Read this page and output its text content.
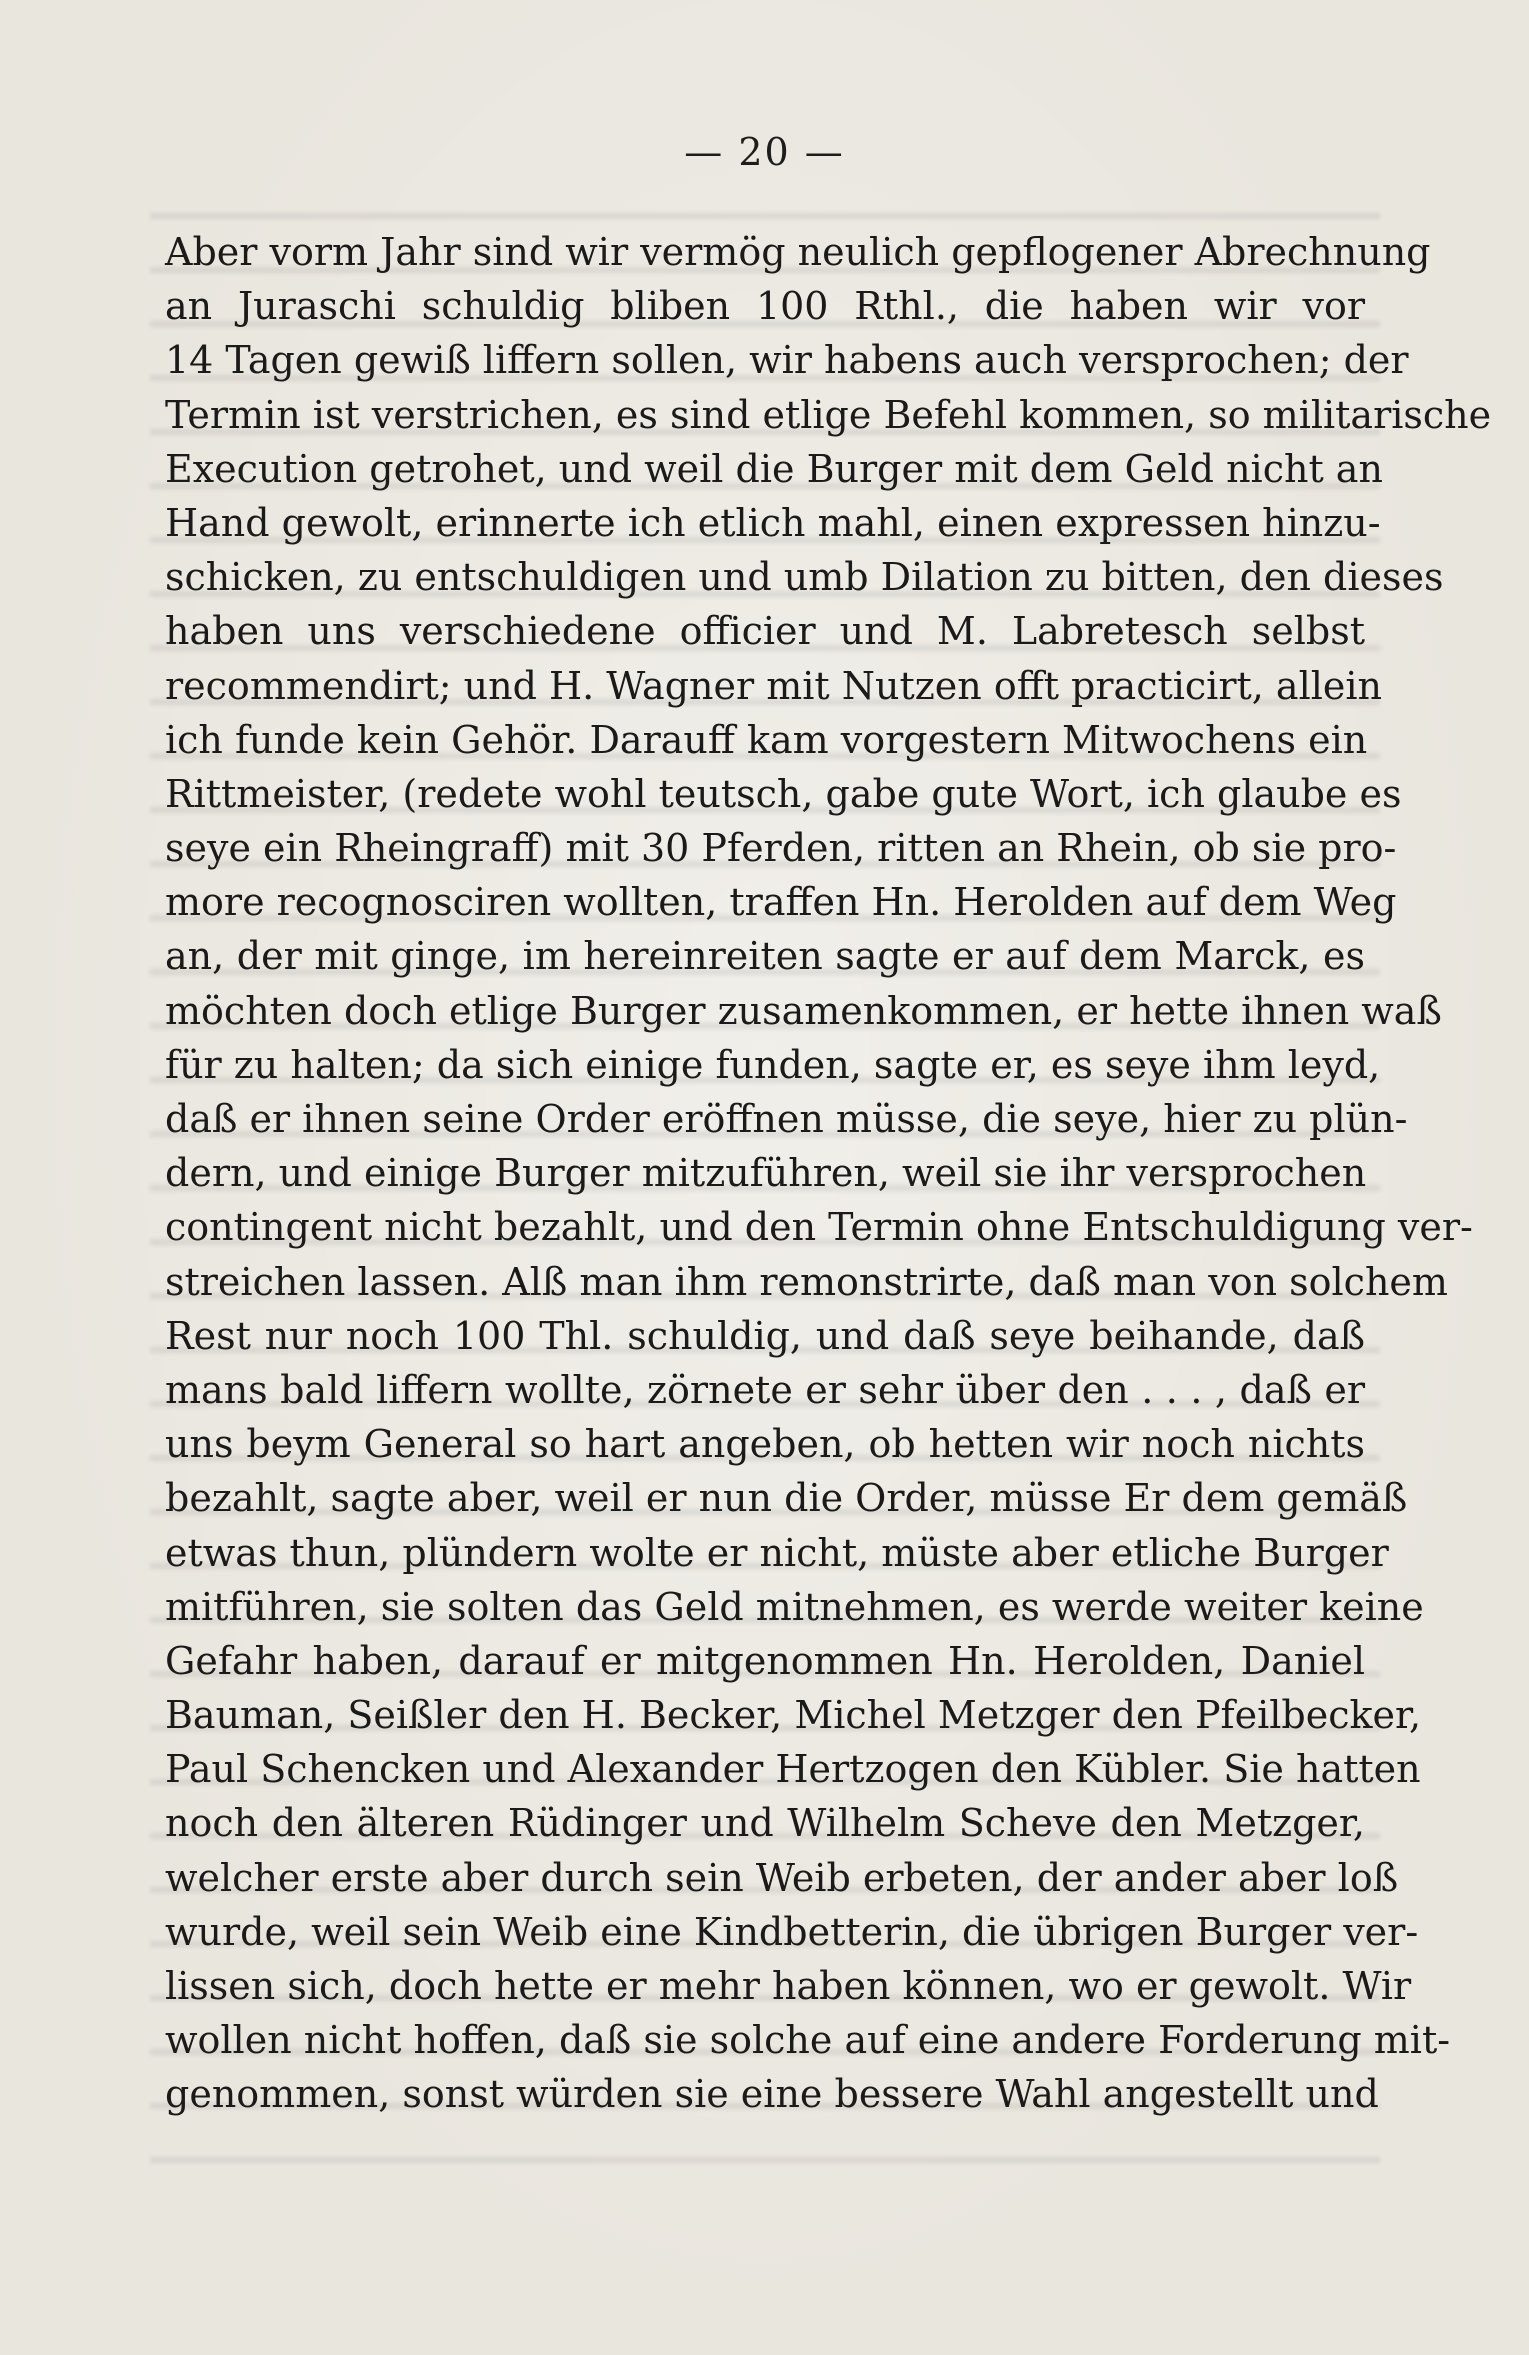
— 20 —
Aber vorm Jahr sind wir vermög neulich gepflogener Abrechnung
an Juraschi schuldig bliben 100 Rthl., die haben wir vor
14 Tagen gewiß liffern sollen, wir habens auch versprochen; der
Termin ist verstrichen, es sind etlige Befehl kommen, so militarische
Execution getrohet, und weil die Burger mit dem Geld nicht an
Hand gewolt, erinnerte ich etlich mahl, einen expressen hinzu-
schicken, zu entschuldigen und umb Dilation zu bitten, den dieses
haben uns verschiedene officier und M. Labretesch selbst
recommendirt; und H. Wagner mit Nutzen offt practicirt, allein
ich funde kein Gehör. Darauff kam vorgestern Mitwochens ein
Rittmeister, (redete wohl teutsch, gabe gute Wort, ich glaube es
seye ein Rheingraff) mit 30 Pferden, ritten an Rhein, ob sie pro-
more recognosciren wollten, traffen Hn. Herolden auf dem Weg
an, der mit ginge, im hereinreiten sagte er auf dem Marck, es
möchten doch etlige Burger zusamenkommen, er hette ihnen waß
für zu halten; da sich einige funden, sagte er, es seye ihm leyd,
daß er ihnen seine Order eröffnen müsse, die seye, hier zu plün-
dern, und einige Burger mitzuführen, weil sie ihr versprochen
contingent nicht bezahlt, und den Termin ohne Entschuldigung ver-
streichen lassen. Alß man ihm remonstrirte, daß man von solchem
Rest nur noch 100 Thl. schuldig, und daß seye beihande, daß
mans bald liffern wollte, zörnete er sehr über den . . . , daß er
uns beym General so hart angeben, ob hetten wir noch nichts
bezahlt, sagte aber, weil er nun die Order, müsse Er dem gemäß
etwas thun, plündern wolte er nicht, müste aber etliche Burger
mitführen, sie solten das Geld mitnehmen, es werde weiter keine
Gefahr haben, darauf er mitgenommen Hn. Herolden, Daniel
Bauman, Seißler den H. Becker, Michel Metzger den Pfeilbecker,
Paul Schencken und Alexander Hertzogen den Kübler. Sie hatten
noch den älteren Rüdinger und Wilhelm Scheve den Metzger,
welcher erste aber durch sein Weib erbeten, der ander aber loß
wurde, weil sein Weib eine Kindbetterin, die übrigen Burger ver-
lissen sich, doch hette er mehr haben können, wo er gewolt. Wir
wollen nicht hoffen, daß sie solche auf eine andere Forderung mit-
genommen, sonst würden sie eine bessere Wahl angestellt und
